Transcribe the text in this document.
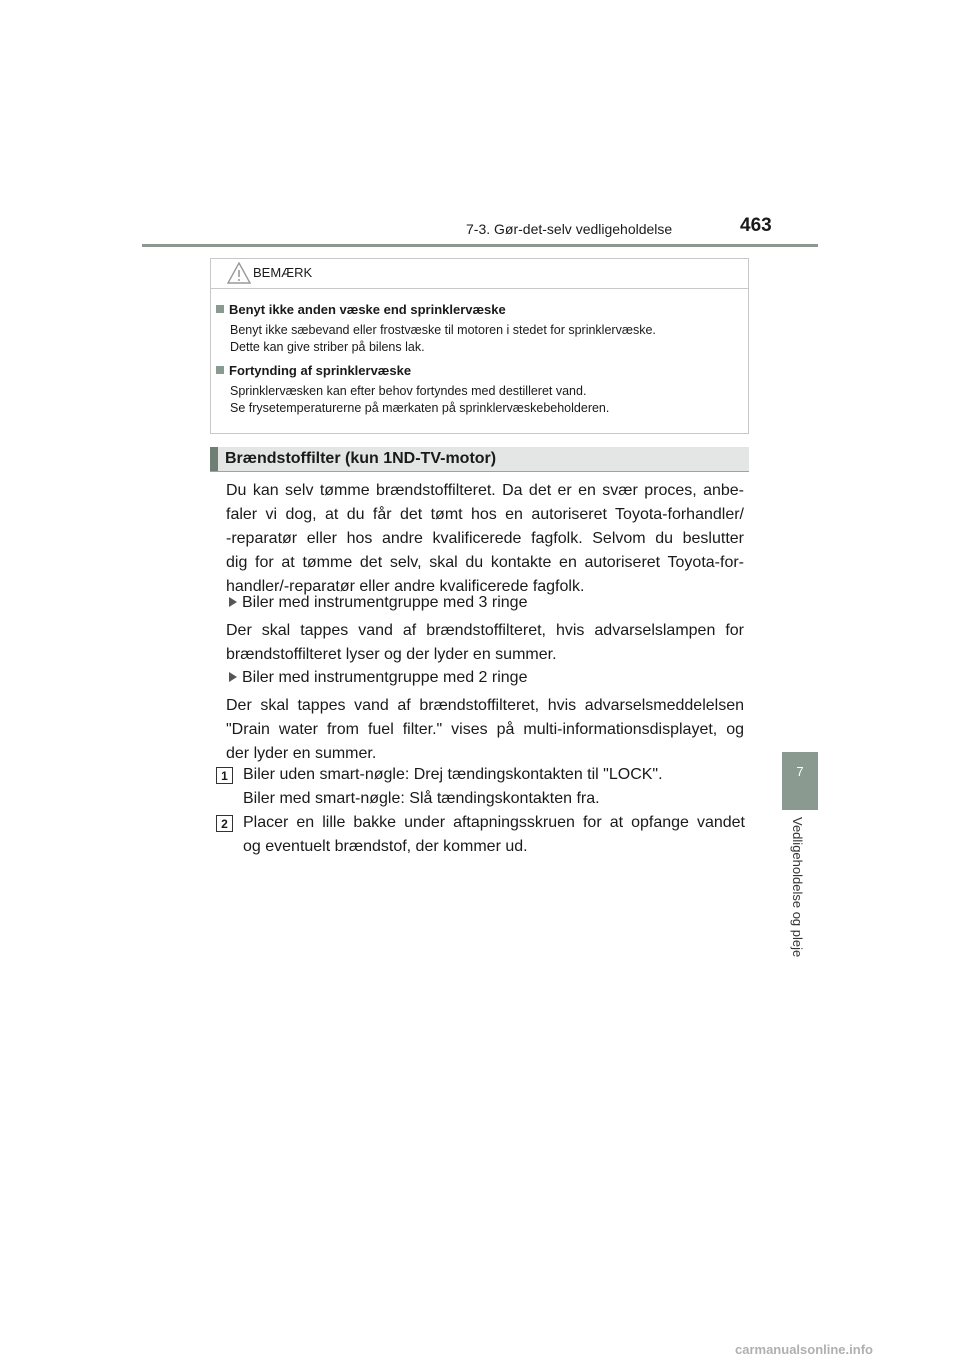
7-3. Gør-det-selv vedligeholdelse	463
7
Vedligeholdelse og pleje
BEMÆRK
Benyt ikke anden væske end sprinklervæske
Benyt ikke sæbevand eller frostvæske til motoren i stedet for sprinklervæske.
Dette kan give striber på bilens lak.
Fortynding af sprinklervæske
Sprinklervæsken kan efter behov fortyndes med destilleret vand.
Se frysetemperaturerne på mærkaten på sprinklervæskebeholderen.
Brændstoffilter (kun 1ND-TV-motor)
Du kan selv tømme brændstoffilteret. Da det er en svær proces, anbe-
faler vi dog, at du får det tømt hos en autoriseret Toyota-forhandler/
-reparatør eller hos andre kvalificerede fagfolk. Selvom du beslutter
dig for at tømme det selv, skal du kontakte en autoriseret Toyota-for-
handler/-reparatør eller andre kvalificerede fagfolk.
Biler med instrumentgruppe med 3 ringe
Der skal tappes vand af brændstoffilteret, hvis advarselslampen for
brændstoffilteret lyser og der lyder en summer.
Biler med instrumentgruppe med 2 ringe
Der skal tappes vand af brændstoffilteret, hvis advarselsmeddelelsen
"Drain water from fuel filter." vises på multi-informationsdisplayet, og
der lyder en summer.
1 Biler uden smart-nøgle: Drej tændingskontakten til "LOCK".
Biler med smart-nøgle: Slå tændingskontakten fra.
2 Placer en lille bakke under aftapningsskruen for at opfange vandet
og eventuelt brændstof, der kommer ud.
carmanualsonline.info
